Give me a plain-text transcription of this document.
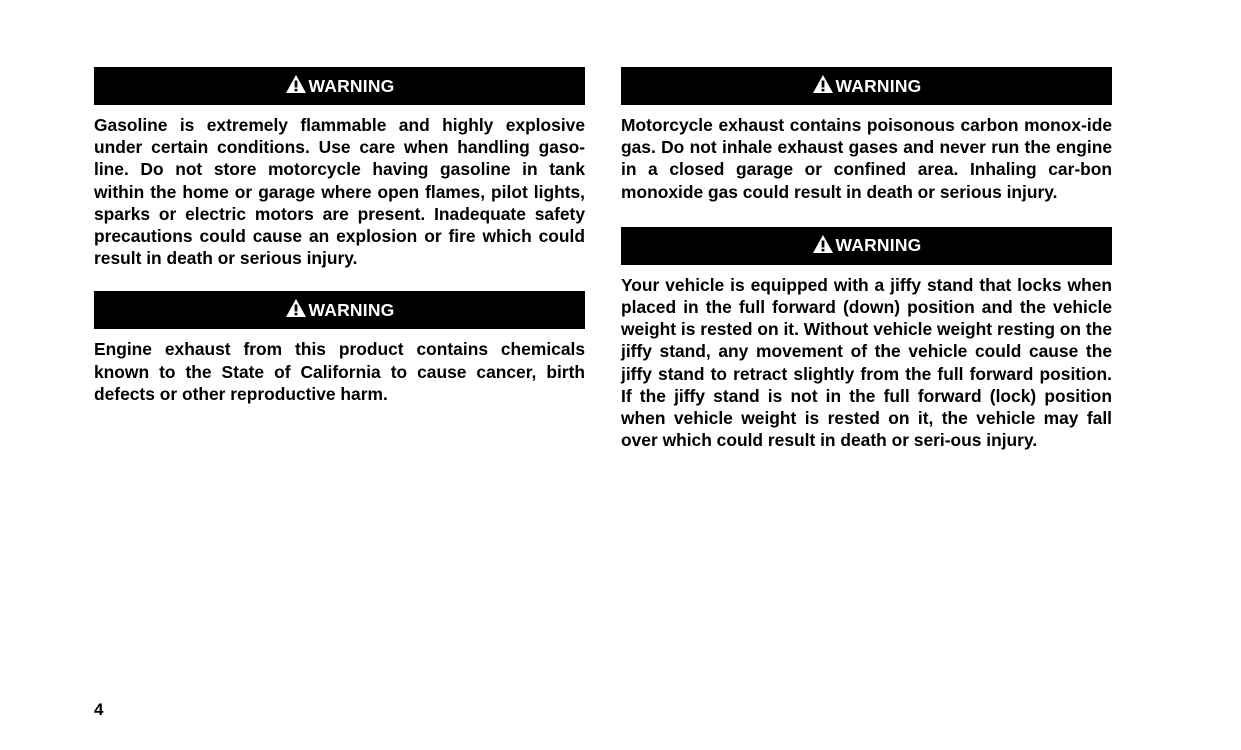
WARNING

Gasoline is extremely flammable and highly explosive under certain conditions. Use care when handling gaso-line. Do not store motorcycle having gasoline in tank within the home or garage where open flames, pilot lights, sparks or electric motors are present. Inadequate safety precautions could cause an explosion or fire which could result in death or serious injury.

WARNING

Engine exhaust from this product contains chemicals known to the State of California to cause cancer, birth defects or other reproductive harm.

WARNING

Motorcycle exhaust contains poisonous carbon monox-ide gas. Do not inhale exhaust gases and never run the engine in a closed garage or confined area. Inhaling car-bon monoxide gas could result in death or serious injury.

WARNING

Your vehicle is equipped with a jiffy stand that locks when placed in the full forward (down) position and the vehicle weight is rested on it. Without vehicle weight resting on the jiffy stand, any movement of the vehicle could cause the jiffy stand to retract slightly from the full forward position. If the jiffy stand is not in the full forward (lock) position when vehicle weight is rested on it, the vehicle may fall over which could result in death or seri-ous injury.

4
